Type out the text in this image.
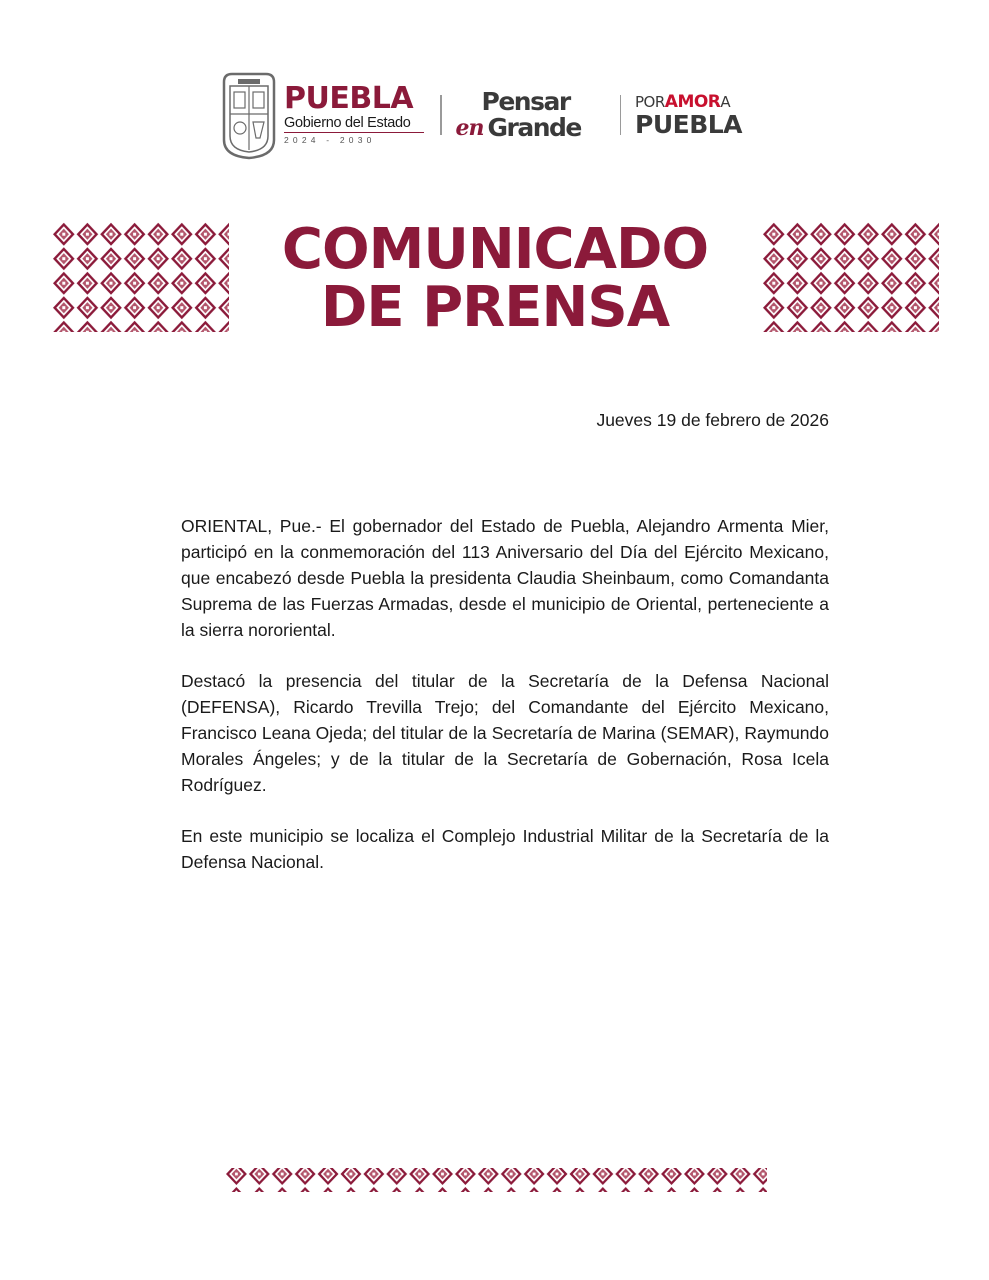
PUEBLA
Gobierno del Estado
2024 - 2030
Pensar
en Grande
PORAMORA
PUEBLA
COMUNICADO
DE PRENSA
Jueves 19 de febrero de 2026

ORIENTAL, Pue.- El gobernador del Estado de Puebla, Alejandro Armenta Mier, participó en la conmemoración del 113 Aniversario del Día del Ejército Mexicano, que encabezó desde Puebla la presidenta Claudia Sheinbaum, como Comandanta Suprema de las Fuerzas Armadas, desde el municipio de Oriental, perteneciente a la sierra nororiental.

Destacó la presencia del titular de la Secretaría de la Defensa Nacional (DEFENSA), Ricardo Trevilla Trejo; del Comandante del Ejército Mexicano, Francisco Leana Ojeda; del titular de la Secretaría de Marina (SEMAR), Raymundo Morales Ángeles; y de la titular de la Secretaría de Gobernación, Rosa Icela Rodríguez.

En este municipio se localiza el Complejo Industrial Militar de la Secretaría de la Defensa Nacional.
